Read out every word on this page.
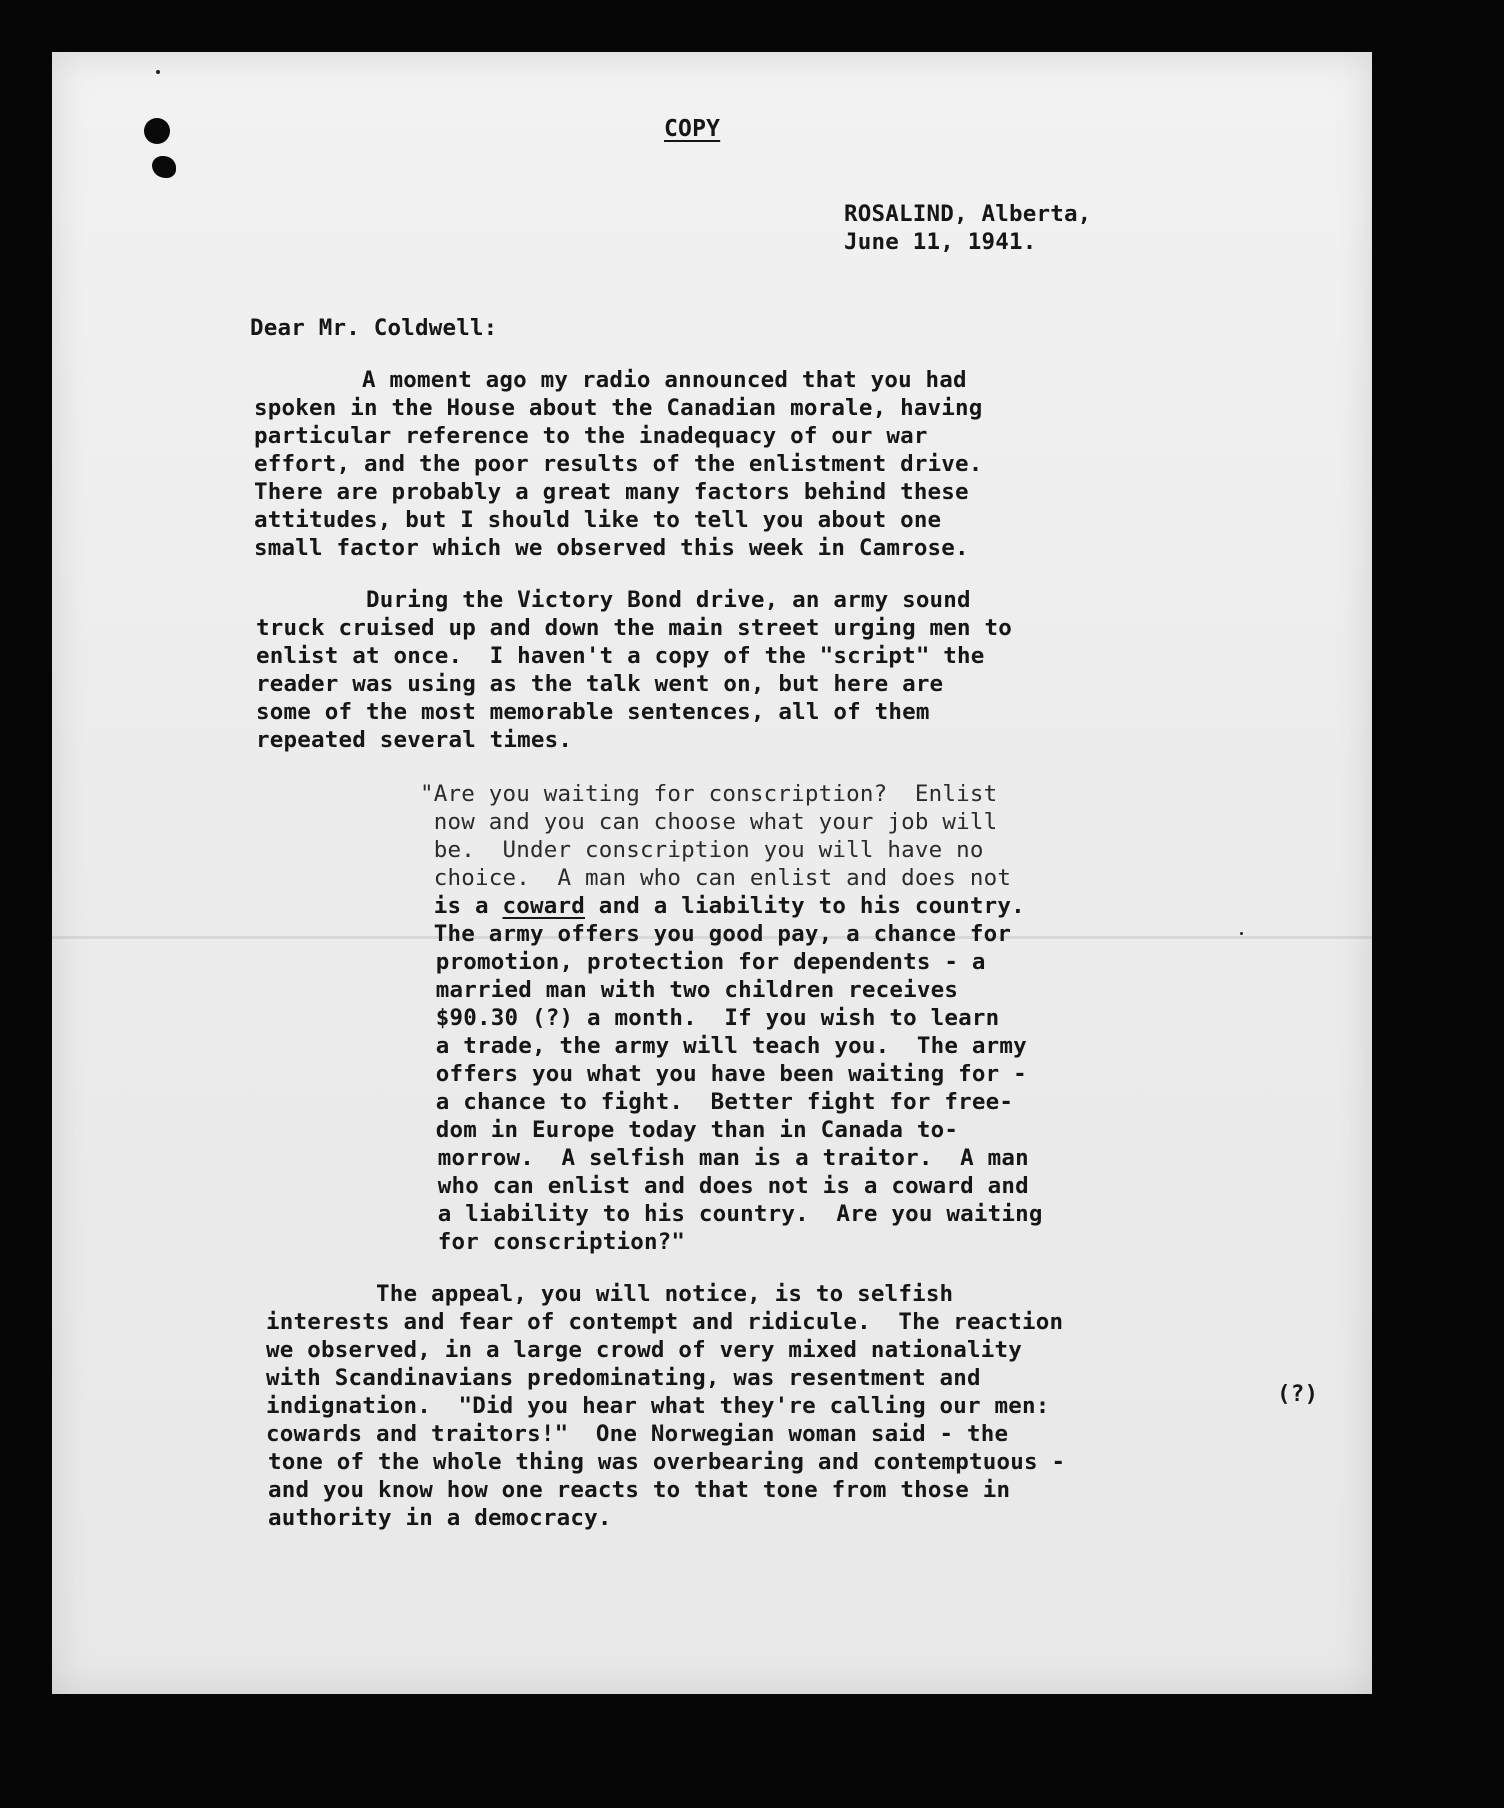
COPY
ROSALIND, Alberta,
June 11, 1941.
Dear Mr. Coldwell:
A moment ago my radio announced that you had
spoken in the House about the Canadian morale, having
particular reference to the inadequacy of our war
effort, and the poor results of the enlistment drive.
There are probably a great many factors behind these
attitudes, but I should like to tell you about one
small factor which we observed this week in Camrose.
During the Victory Bond drive, an army sound
truck cruised up and down the main street urging men to
enlist at once.  I haven't a copy of the "script" the
reader was using as the talk went on, but here are
some of the most memorable sentences, all of them
repeated several times.
"Are you waiting for conscription?  Enlist
now and you can choose what your job will
be.  Under conscription you will have no
choice.  A man who can enlist and does not
is a coward and a liability to his country.
The army offers you good pay, a chance for
promotion, protection for dependents - a
married man with two children receives
$90.30 (?) a month.  If you wish to learn
a trade, the army will teach you.  The army
offers you what you have been waiting for -
a chance to fight.  Better fight for free-
dom in Europe today than in Canada to-
morrow.  A selfish man is a traitor.  A man
who can enlist and does not is a coward and
a liability to his country.  Are you waiting
for conscription?"
The appeal, you will notice, is to selfish
interests and fear of contempt and ridicule.  The reaction
we observed, in a large crowd of very mixed nationality
with Scandinavians predominating, was resentment and
indignation.  "Did you hear what they're calling our men:
cowards and traitors!"  One Norwegian woman said - the
tone of the whole thing was overbearing and contemptuous -
and you know how one reacts to that tone from those in
authority in a democracy.
(?)
